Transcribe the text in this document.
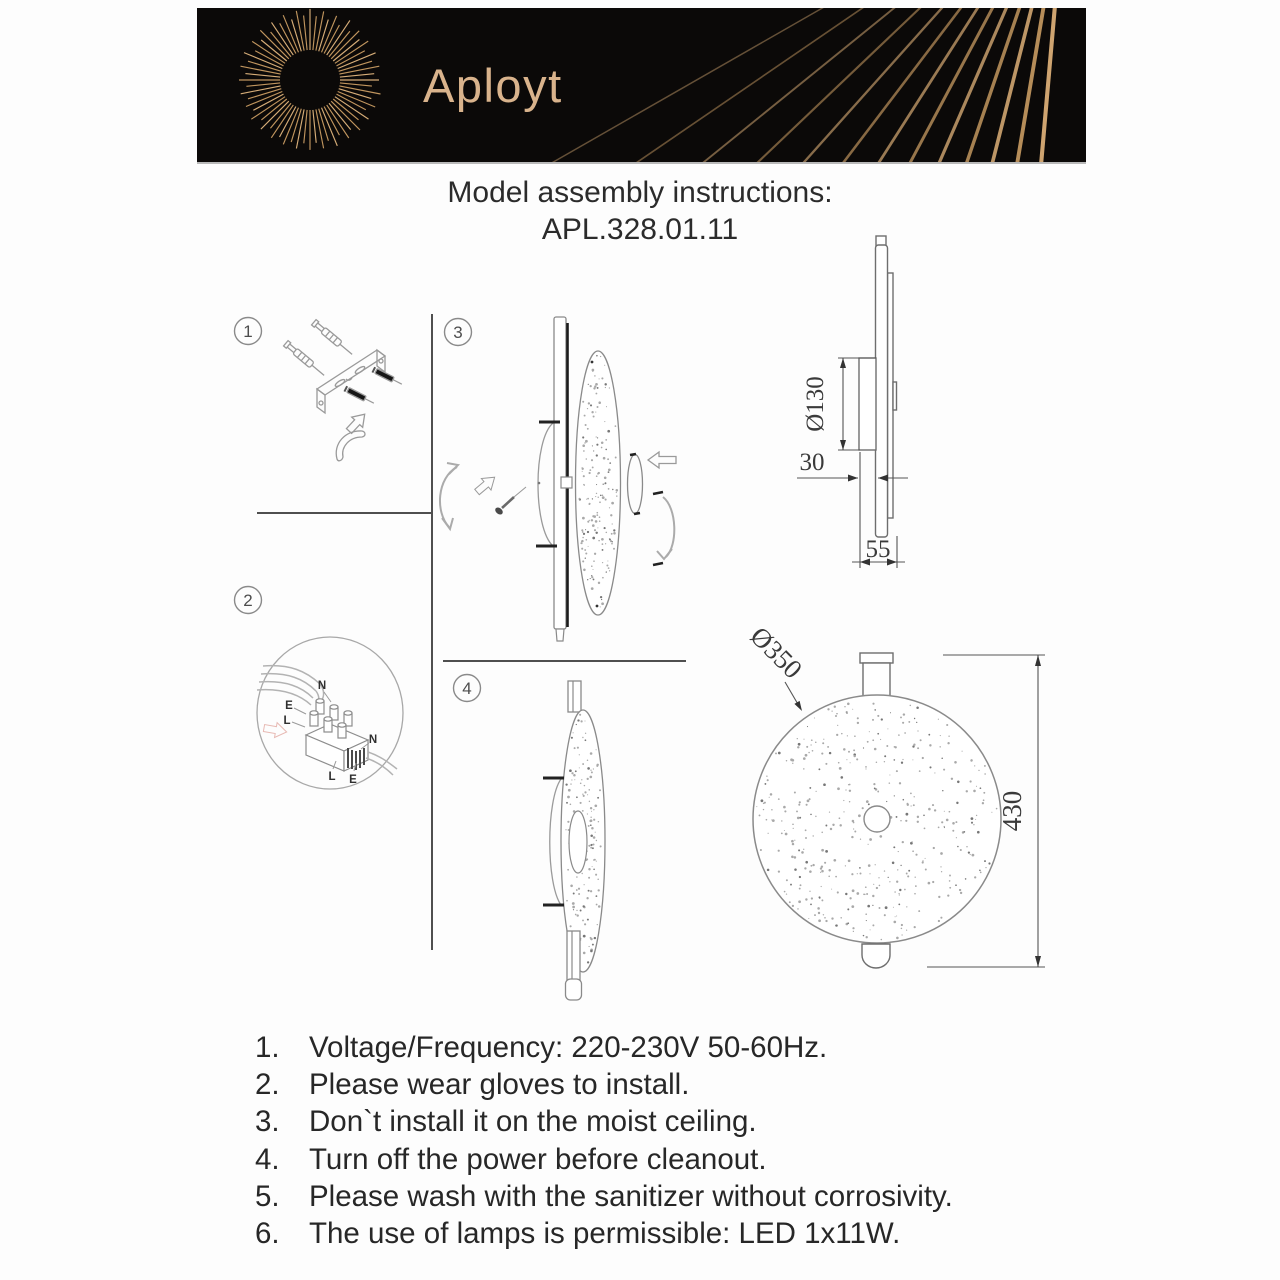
Aployt
Model assembly instructions:
APL.328.01.11
1
2
3
4
N
E
L
N
L E
Ø130
30
55
Ø350
430
1. Voltage/Frequency: 220-230V 50-60Hz.
2. Please wear gloves to install.
3. Don`t install it on the moist ceiling.
4. Turn off the power before cleanout.
5. Please wash with the sanitizer without corrosivity.
6. The use of lamps is permissible: LED 1x11W.
